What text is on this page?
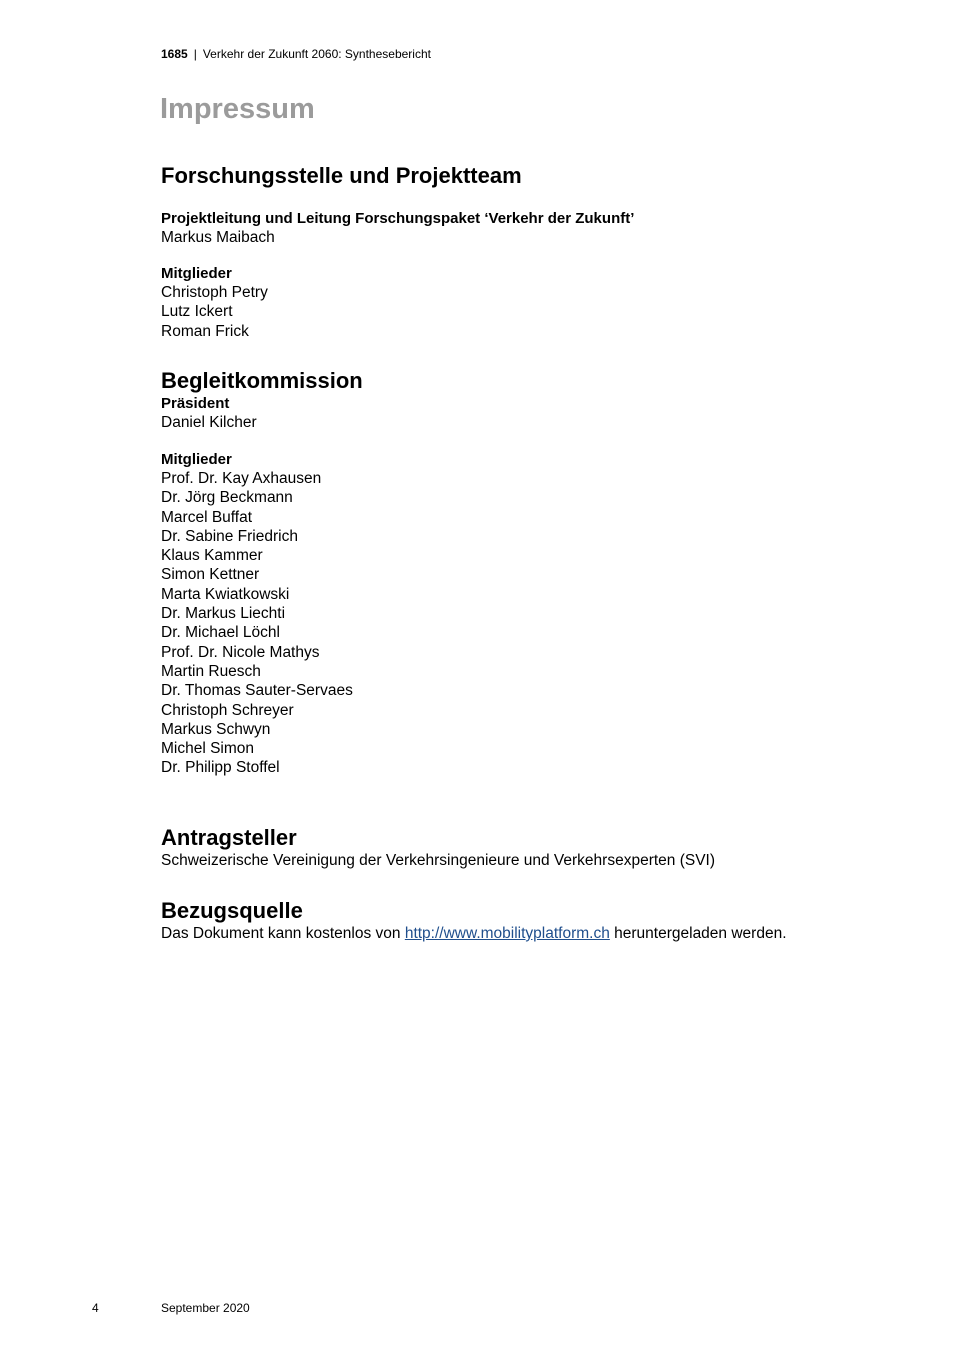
1685 | Verkehr der Zukunft 2060: Synthesebericht
Impressum
Forschungsstelle und Projektteam

Projektleitung und Leitung Forschungspaket ‘Verkehr der Zukunft’

Markus Maibach

Mitglieder

Christoph Petry

Lutz Ickert

Roman Frick

Begleitkommission

Präsident

Daniel Kilcher

Mitglieder

Prof. Dr. Kay Axhausen

Dr. Jörg Beckmann

Marcel Buffat

Dr. Sabine Friedrich

Klaus Kammer

Simon Kettner

Marta Kwiatkowski

Dr. Markus Liechti

Dr. Michael Löchl

Prof. Dr. Nicole Mathys

Martin Ruesch

Dr. Thomas Sauter-Servaes

Christoph Schreyer

Markus Schwyn

Michel Simon

Dr. Philipp Stoffel

Antragsteller

Schweizerische Vereinigung der Verkehrsingenieure und Verkehrsexperten (SVI)

Bezugsquelle

Das Dokument kann kostenlos von http://www.mobilityplatform.ch heruntergeladen werden.

4	September 2020
